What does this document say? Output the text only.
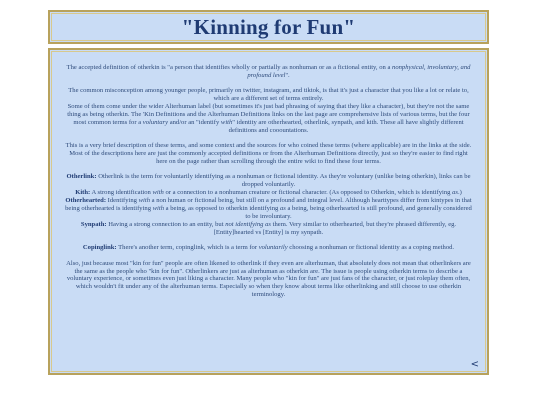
"Kinning for Fun"

The accepted definition of otherkin is "a person that identifies wholly or partially as nonhuman or as a fictional entity, on a nonphysical, involuntary, and profound level".

The common misconception among younger people, primarily on twitter, instagram, and tiktok, is that it's just a character that you like a lot or relate to, which are a different set of terms entirely.

Some of them come under the wider Alterhuman label (but sometimes it's just bad phrasing of saying that they like a character), but they're not the same thing as being otherkin. The 'Kin Definitions and the Alterhuman Definitions links on the last page are comprehensive lists of various terms, but the four most common terms for a voluntary and/or an "identify with" identity are otherhearted, otherlink, synpath, and kith. These all have slightly different definitions and cooountations.

This is a very brief description of these terms, and some context and the sources for who coined these terms (where applicable) are in the links at the side. Most of the descriptions here are just the commonly accepted definitions or from the Alterhuman Definitions directly, just so they're easier to find right here on the page rather than scrolling through the entire wiki to find these four terms.

Otherlink: Otherlink is the term for voluntarily identifying as a nonhuman or fictional identity. As they're voluntary (unlike being otherkin), links can be dropped voluntarily.

Kith: A strong identification with or a connection to a nonhuman creature or fictional character. (As opposed to Otherkin, which is identifying as.)

Otherhearted: Identifying with a non human or fictional being, but still on a profound and integral level. Although hearttypes differ from kintypes in that being otherhearted is identifying with a being, as opposed to otherkin identifying as a being, being otherhearted is still profound, and generally considered to be involuntary.

Synpath: Having a strong connection to an entity, but not identifying as them. Very similar to otherhearted, but they're phrased differently, eg. [Entity]hearted vs [Entity] is my synpath.

Copinglink: There's another term, copinglink, which is a term for voluntarily choosing a nonhuman or fictional identity as a coping method.

Also, just because most "kin for fun" people are often likened to otherlink if they even are alterhuman, that absolutely does not mean that otherlinkers are the same as the people who "kin for fun". Otherlinkers are just as alterhuman as otherkin are. The issue is people using otherkin terms to describe a voluntary experience, or sometimes even just liking a character. Many people who "kin for fun" are just fans of the character, or just roleplay them often, which wouldn't fit under any of the alterhuman terms. Especially so when they know about terms like otherlinking and still choose to use otherkin terminology.

<
